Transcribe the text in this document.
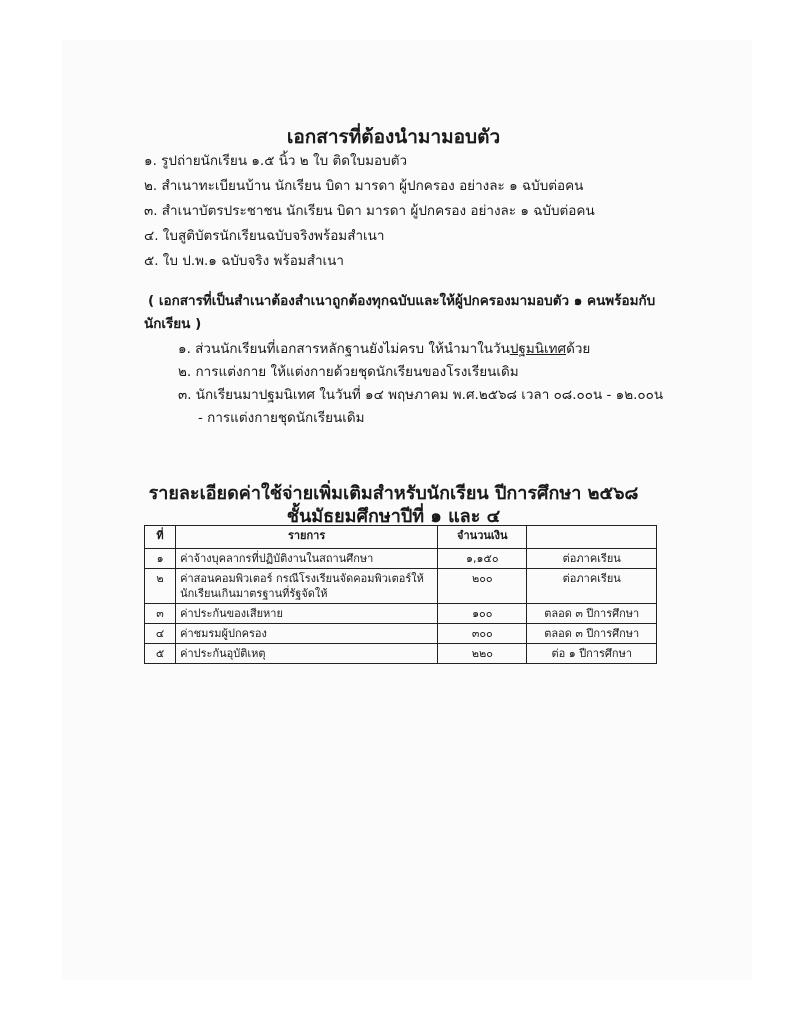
เอกสารที่ต้องนำมามอบตัว
๑. รูปถ่ายนักเรียน ๑.๕ นิ้ว ๒ ใบ ติดใบมอบตัว
๒. สำเนาทะเบียนบ้าน นักเรียน บิดา มารดา ผู้ปกครอง อย่างละ ๑ ฉบับต่อคน
๓. สำเนาบัตรประชาชน นักเรียน บิดา มารดา ผู้ปกครอง อย่างละ ๑ ฉบับต่อคน
๔. ใบสูติบัตรนักเรียนฉบับจริงพร้อมสำเนา
๕. ใบ ป.พ.๑ ฉบับจริง พร้อมสำเนา
( เอกสารที่เป็นสำเนาต้องสำเนาถูกต้องทุกฉบับและให้ผู้ปกครองมามอบตัว ๑ คนพร้อมกับ
นักเรียน )
๑. ส่วนนักเรียนที่เอกสารหลักฐานยังไม่ครบ ให้นำมาในวันปฐมนิเทศด้วย
๒. การแต่งกาย ให้แต่งกายด้วยชุดนักเรียนของโรงเรียนเดิม
๓. นักเรียนมาปฐมนิเทศ ในวันที่ ๑๔ พฤษภาคม พ.ศ.๒๕๖๘ เวลา ๐๘.๐๐น - ๑๒.๐๐น
- การแต่งกายชุดนักเรียนเดิม
รายละเอียดค่าใช้จ่ายเพิ่มเติมสำหรับนักเรียน ปีการศึกษา ๒๕๖๘
ชั้นมัธยมศึกษาปีที่ ๑ และ ๔
ที่	รายการ	จำนวนเงิน	
๑	ค่าจ้างบุคลากรที่ปฏิบัติงานในสถานศึกษา	๑,๑๕๐	ต่อภาคเรียน
๒	ค่าสอนคอมพิวเตอร์ กรณีโรงเรียนจัดคอมพิวเตอร์ให้นักเรียนเกินมาตรฐานที่รัฐจัดให้	๒๐๐	ต่อภาคเรียน
๓	ค่าประกันของเสียหาย	๑๐๐	ตลอด ๓ ปีการศึกษา
๔	ค่าชมรมผู้ปกครอง	๓๐๐	ตลอด ๓ ปีการศึกษา
๕	ค่าประกันอุบัติเหตุ	๒๒๐	ต่อ ๑ ปีการศึกษา
